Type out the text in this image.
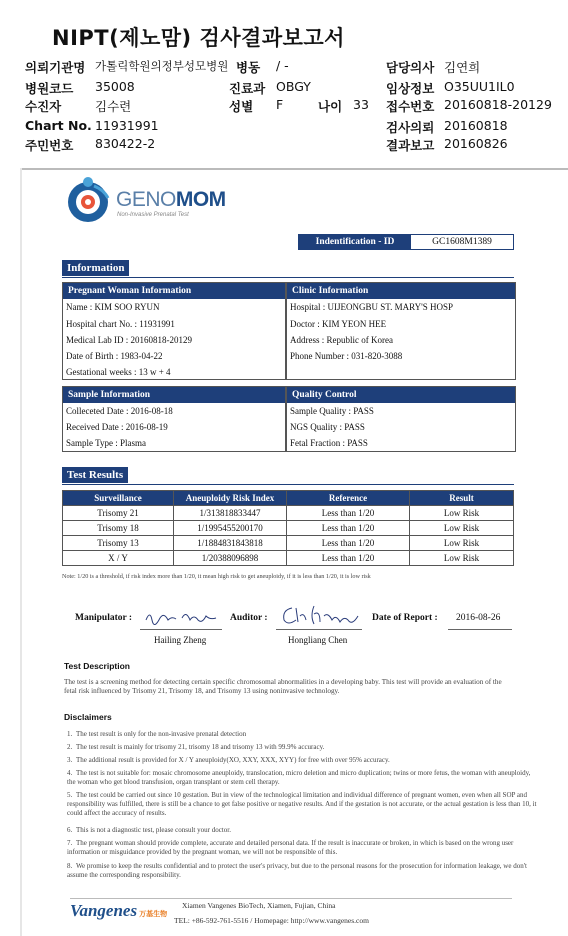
NIPT(제노맘) 검사결과보고서
의뢰기관명 가톨릭학원의정부성모병원 병동 / -	담당의사 김연희
병원코드 35008	진료과 OBGY	임상정보 O35UU1IL0
수진자	김수련	성별 F	나이 33 접수번호 20160818-20129
Chart No. 11931991	검사의뢰 20160818
주민번호 830422-2	결과보고 20160826
GENOMOM
Non-Invasive Prenatal Test
Indentification - ID	GC1608M1389
Information
Pregnant Woman Information
Name : KIM SOO RYUN
Hospital chart No. : 11931991
Medical Lab ID : 20160818-20129
Date of Birth : 1983-04-22
Gestational weeks : 13 w + 4
Clinic Information
Hospital : UIJEONGBU ST. MARY'S HOSP
Doctor : KIM YEON HEE
Address : Republic of Korea
Phone Number : 031-820-3088
Sample Information
Colleceted Date : 2016-08-18
Received Date : 2016-08-19
Sample Type : Plasma
Quality Control
Sample Quality : PASS
NGS Quality : PASS
Fetal Fraction : PASS
Test Results
Surveillance	Aneuploidy Risk Index	Reference	Result
Trisomy 21	1/313818833447	Less than 1/20	Low Risk
Trisomy 18	1/1995455200170	Less than 1/20	Low Risk
Trisomy 13	1/1884831843818	Less than 1/20	Low Risk
X / Y	1/20388096898	Less than 1/20	Low Risk
Note: 1/20 is a threshold, if risk index more than 1/20, it mean high risk to get aneuploidy, if it is less than 1/20, it is low risk
Manipulator :
Hailing Zheng
Auditor :
Hongliang Chen
Date of Report : 2016-08-26
Test Description
The test is a screening method for detecting certain specific chromosomal abnormalities in a developing baby. This test will provide an evaluation of the fetal risk influenced by Trisomy 21, Trisomy 18, and Trisomy 13 using noninvasive technology.
Disclaimers
1. The test result is only for the non-invasive prenatal detection
2. The test result is mainly for trisomy 21, trisomy 18 and trisomy 13 with 99.9% accuracy.
3. The additional result is provided for X / Y aneuploidy(XO, XXY, XXX, XYY) for free with over 95% accuracy.
4. The test is not suitable for: mosaic chromosome aneuploidy, translocation, micro deletion and micro duplication; twins or more fetus, the woman with aneuploidy, the woman who get blood transfusion, organ transplant or stem cell therapy.
5. The test could be carried out since 10 gestation. But in view of the technological limitation and individual difference of pregnant women, even when all SOP and responsibility was fulfilled, there is still be a chance to get false positive or negative results. And if the gestation is not accurate, or the actual gestation is less than 10, it could affect the accuracy of results.
6. This is not a diagnostic test, please consult your doctor.
7. The pregnant woman should provide complete, accurate and detailed personal data. If the result is inaccurate or broken, in which is based on the wrong user information or misguidance provided by the pregnant woman, we will not be responsible of this.
8. We promise to keep the results confidential and to protect the user's privacy, but due to the personal reasons for the prosecution for information leakage, we don't assume the corresponding responsibility.
Vangenes 万基生物
Xiamen Vangenes BioTech, Xiamen, Fujian, China
TEL: +86-592-761-5516 / Homepage: http://www.vangenes.com
